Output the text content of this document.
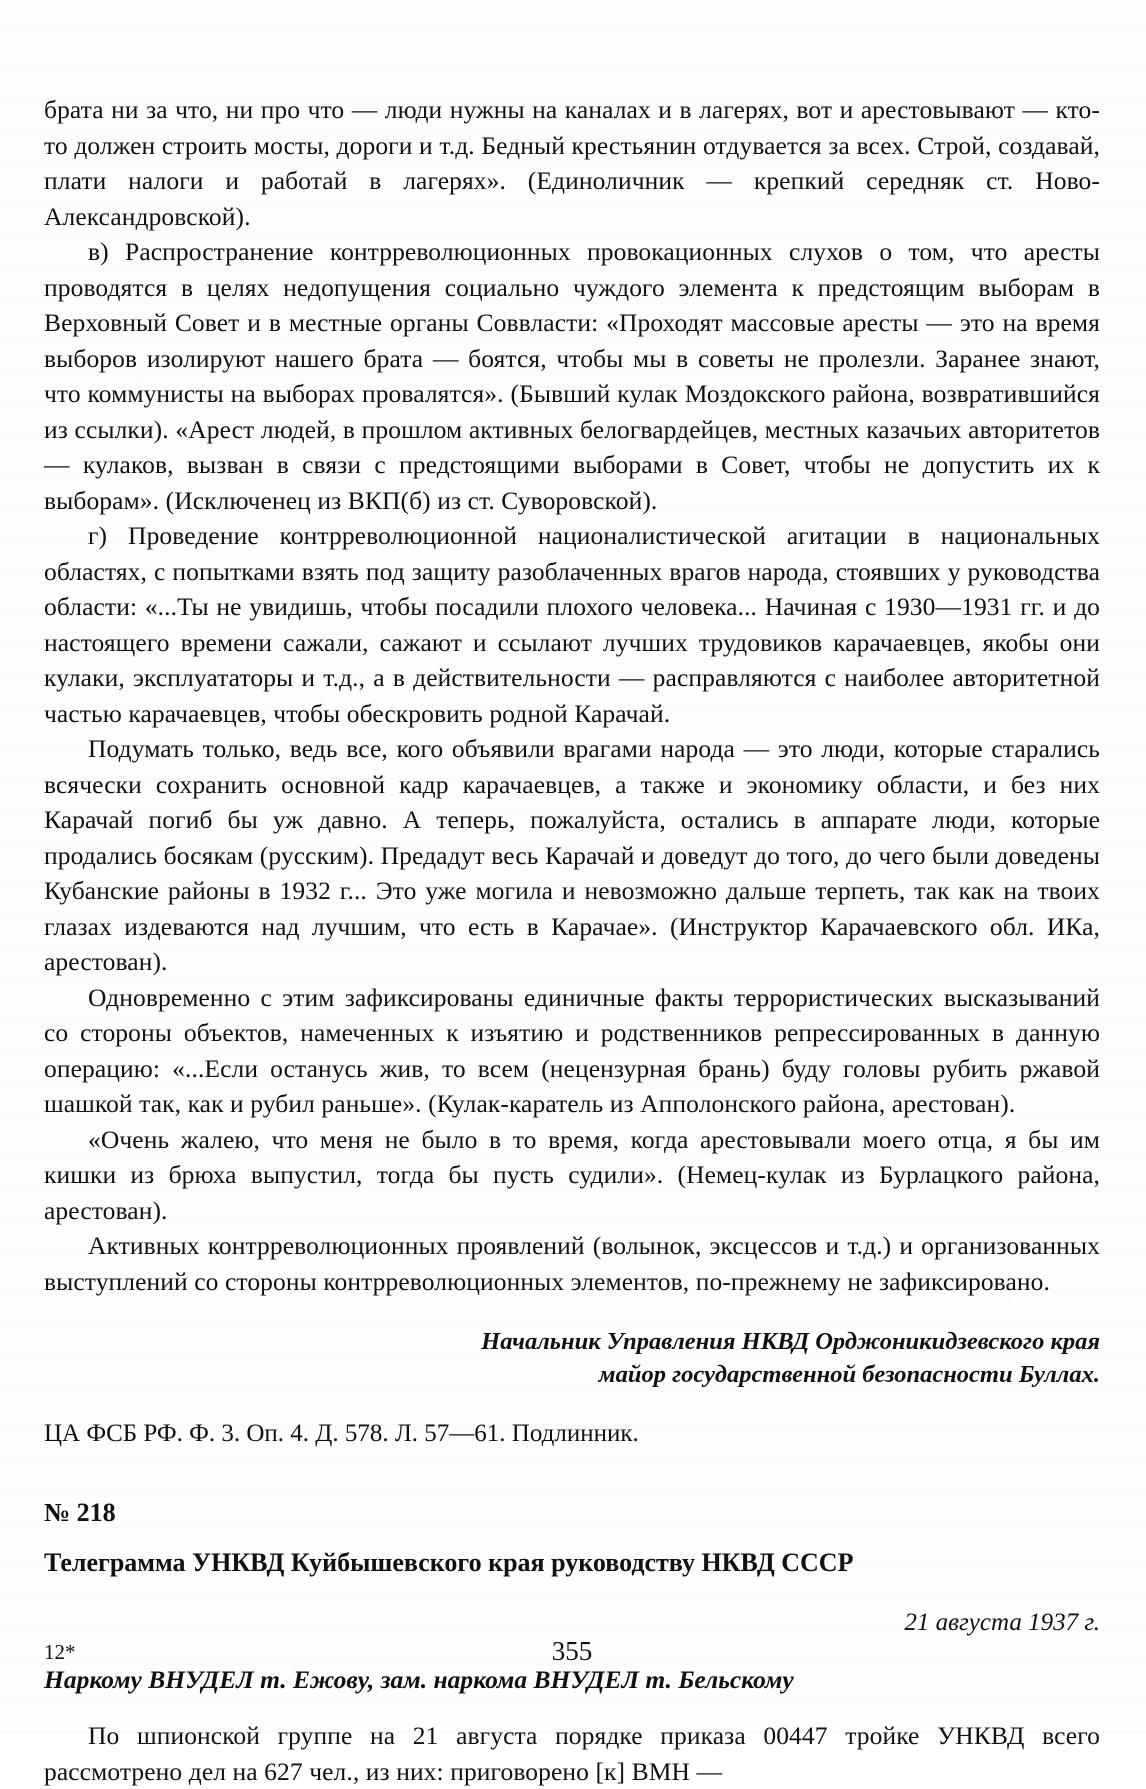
брата ни за что, ни про что — люди нужны на каналах и в лагерях, вот и арестовывают — кто-то должен строить мосты, дороги и т.д. Бедный крестьянин отдувается за всех. Строй, создавай, плати налоги и работай в лагерях». (Единоличник — крепкий середняк ст. Ново-Александровской).

в) Распространение контрреволюционных провокационных слухов о том, что аресты проводятся в целях недопущения социально чуждого элемента к предстоящим выборам в Верховный Совет и в местные органы Соввласти: «Проходят массовые аресты — это на время выборов изолируют нашего брата — боятся, чтобы мы в советы не пролезли. Заранее знают, что коммунисты на выборах провалятся». (Бывший кулак Моздокского района, возвратившийся из ссылки). «Арест людей, в прошлом активных белогвардейцев, местных казачьих авторитетов — кулаков, вызван в связи с предстоящими выборами в Совет, чтобы не допустить их к выборам». (Исключенец из ВКП(б) из ст. Суворовской).

г) Проведение контрреволюционной националистической агитации в национальных областях, с попытками взять под защиту разоблаченных врагов народа, стоявших у руководства области: «...Ты не увидишь, чтобы посадили плохого человека... Начиная с 1930—1931 гг. и до настоящего времени сажали, сажают и ссылают лучших трудовиков карачаевцев, якобы они кулаки, эксплуататоры и т.д., а в действительности — расправляются с наиболее авторитетной частью карачаевцев, чтобы обескровить родной Карачай.

Подумать только, ведь все, кого объявили врагами народа — это люди, которые старались всячески сохранить основной кадр карачаевцев, а также и экономику области, и без них Карачай погиб бы уж давно. А теперь, пожалуйста, остались в аппарате люди, которые продались босякам (русским). Предадут весь Карачай и доведут до того, до чего были доведены Кубанские районы в 1932 г... Это уже могила и невозможно дальше терпеть, так как на твоих глазах издеваются над лучшим, что есть в Карачае». (Инструктор Карачаевского обл. ИКа, арестован).

Одновременно с этим зафиксированы единичные факты террористических высказываний со стороны объектов, намеченных к изъятию и родственников репрессированных в данную операцию: «...Если останусь жив, то всем (нецензурная брань) буду головы рубить ржавой шашкой так, как и рубил раньше». (Кулак-каратель из Апполонского района, арестован).

«Очень жалею, что меня не было в то время, когда арестовывали моего отца, я бы им кишки из брюха выпустил, тогда бы пусть судили». (Немец-кулак из Бурлацкого района, арестован).

Активных контрреволюционных проявлений (волынок, эксцессов и т.д.) и организованных выступлений со стороны контрреволюционных элементов, по-прежнему не зафиксировано.

Начальник Управления НКВД Орджоникидзевского края
майор государственной безопасности Буллах.
ЦА ФСБ РФ. Ф. 3. Оп. 4. Д. 578. Л. 57—61. Подлинник.
№ 218
Телеграмма УНКВД Куйбышевского края руководству НКВД СССР
21 августа 1937 г.
Наркому ВНУДЕЛ т. Ежову, зам. наркома ВНУДЕЛ т. Бельскому

По шпионской группе на 21 августа порядке приказа 00447 тройке УНКВД всего рассмотрено дел на 627 чел., из них: приговорено [к] ВМН —

12*	355
